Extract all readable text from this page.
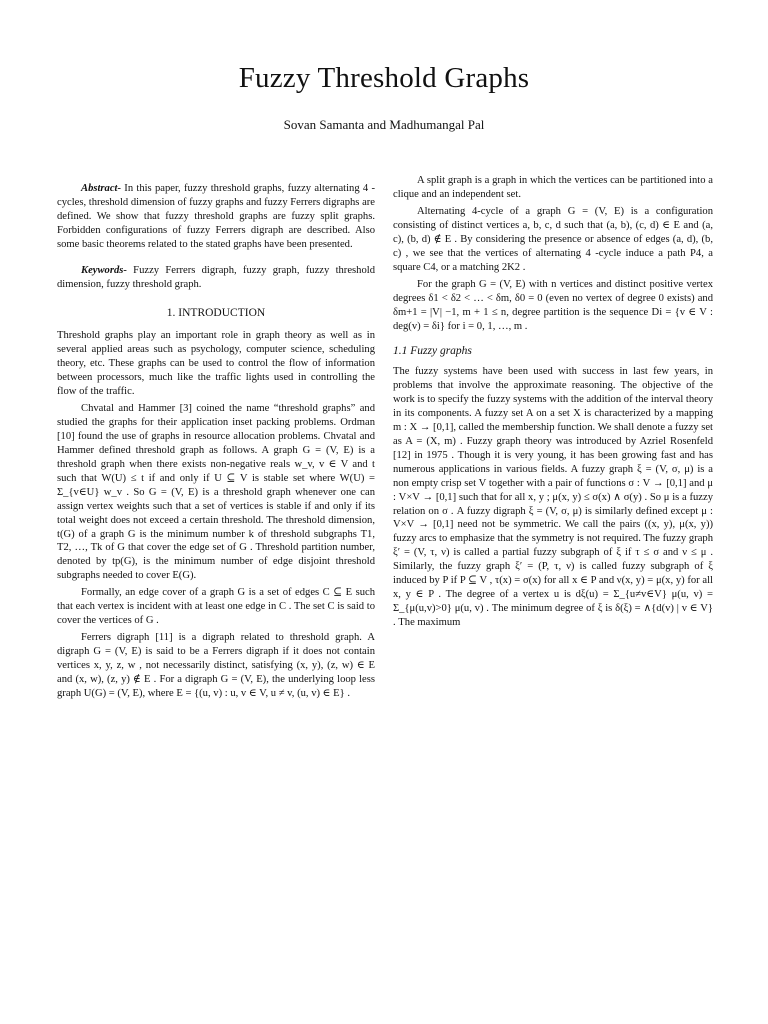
Fuzzy Threshold Graphs
Sovan Samanta and Madhumangal Pal

Abstract- In this paper, fuzzy threshold graphs, fuzzy alternating 4 -cycles, threshold dimension of fuzzy graphs and fuzzy Ferrers digraphs are defined. We show that fuzzy threshold graphs are fuzzy split graphs. Forbidden configurations of fuzzy Ferrers digraph are described. Also some basic theorems related to the stated graphs have been presented.

Keywords- Fuzzy Ferrers digraph, fuzzy graph, fuzzy threshold dimension, fuzzy threshold graph.

1. INTRODUCTION

Threshold graphs play an important role in graph theory as well as in several applied areas such as psychology, computer science, scheduling theory, etc. These graphs can be used to control the flow of information between processors, much like the traffic lights used in controlling the flow of the traffic.

Chvatal and Hammer [3] coined the name “threshold graphs” and studied the graphs for their application inset packing problems. Ordman [10] found the use of graphs in resource allocation problems. Chvatal and Hammer defined threshold graph as follows. A graph G = (V, E) is a threshold graph when there exists non-negative reals w_v, v ∈ V and t such that W(U) ≤ t if and only if U ⊆ V is stable set where W(U) = Σ_{v∈U} w_v . So G = (V, E) is a threshold graph whenever one can assign vertex weights such that a set of vertices is stable if and only if its total weight does not exceed a certain threshold. The threshold dimension, t(G) of a graph G is the minimum number k of threshold subgraphs T1, T2, …, Tk of G that cover the edge set of G . Threshold partition number, denoted by tp(G), is the minimum number of edge disjoint threshold subgraphs needed to cover E(G).

Formally, an edge cover of a graph G is a set of edges C ⊆ E such that each vertex is incident with at least one edge in C . The set C is said to cover the vertices of G .

Ferrers digraph [11] is a digraph related to threshold graph. A digraph G = (V, E) is said to be a Ferrers digraph if it does not contain vertices x, y, z, w , not necessarily distinct, satisfying (x, y), (z, w) ∈ E and (x, w), (z, y) ∉ E . For a digraph G = (V, E), the underlying loop less graph U(G) = (V, E), where E = {(u, v) : u, v ∈ V, u ≠ v, (u, v) ∈ E} .

A split graph is a graph in which the vertices can be partitioned into a clique and an independent set.

Alternating 4-cycle of a graph G = (V, E) is a configuration consisting of distinct vertices a, b, c, d such that (a, b), (c, d) ∈ E and (a, c), (b, d) ∉ E . By considering the presence or absence of edges (a, d), (b, c) , we see that the vertices of alternating 4 -cycle induce a path P4, a square C4, or a matching 2K2 .

For the graph G = (V, E) with n vertices and distinct positive vertex degrees δ1 < δ2 < … < δm, δ0 = 0 (even no vertex of degree 0 exists) and δm+1 = |V| −1, m + 1 ≤ n, degree partition is the sequence Di = {v ∈ V : deg(v) = δi} for i = 0, 1, …, m .

1.1 Fuzzy graphs

The fuzzy systems have been used with success in last few years, in problems that involve the approximate reasoning. The objective of the work is to specify the fuzzy systems with the addition of the interval theory in its components. A fuzzy set A on a set X is characterized by a mapping m : X → [0,1], called the membership function. We shall denote a fuzzy set as A = (X, m) . Fuzzy graph theory was introduced by Azriel Rosenfeld [12] in 1975 . Though it is very young, it has been growing fast and has numerous applications in various fields. A fuzzy graph ξ = (V, σ, μ) is a non empty crisp set V together with a pair of functions σ : V → [0,1] and μ : V×V → [0,1] such that for all x, y ; μ(x, y) ≤ σ(x) ∧ σ(y) . So μ is a fuzzy relation on σ . A fuzzy digraph ξ = (V, σ, μ) is similarly defined except μ : V×V → [0,1] need not be symmetric. We call the pairs ((x, y), μ(x, y)) fuzzy arcs to emphasize that the symmetry is not required. The fuzzy graph ξ′ = (V, τ, ν) is called a partial fuzzy subgraph of ξ if τ ≤ σ and ν ≤ μ . Similarly, the fuzzy graph ξ′ = (P, τ, ν) is called fuzzy subgraph of ξ induced by P if P ⊆ V , τ(x) = σ(x) for all x ∈ P and ν(x, y) = μ(x, y) for all x, y ∈ P . The degree of a vertex u is dξ(u) = Σ_{u≠v∈V} μ(u, v) = Σ_{μ(u,v)>0} μ(u, v) . The minimum degree of ξ is δ(ξ) = ∧{d(v) | v ∈ V} . The maximum
